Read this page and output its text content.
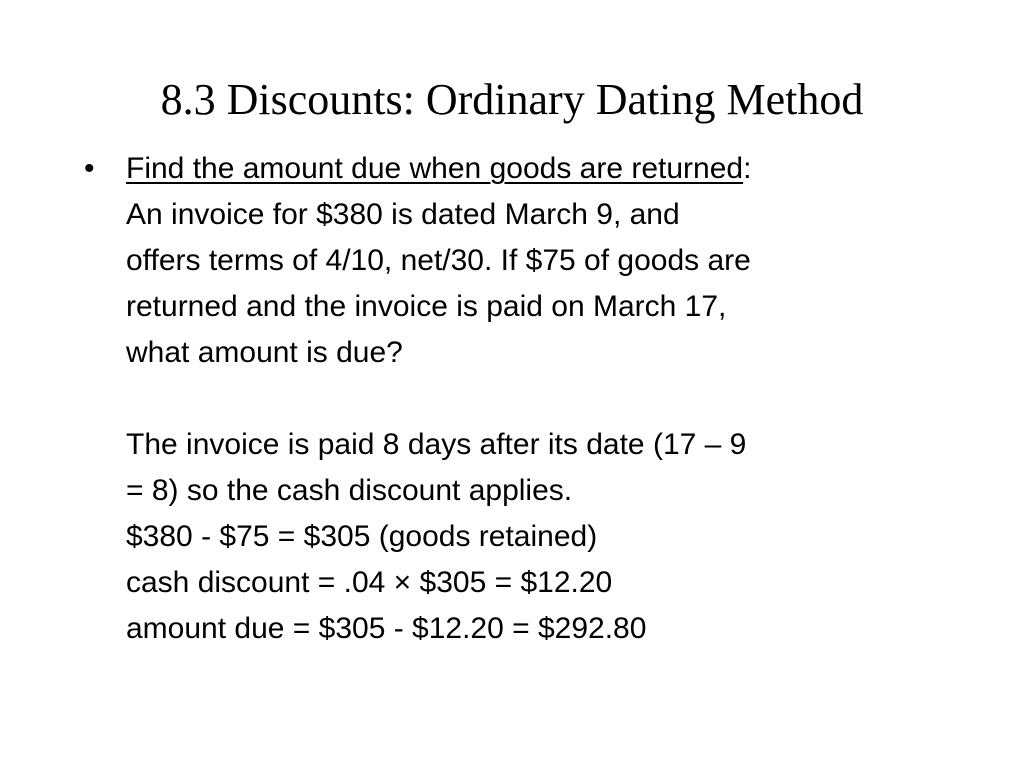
8.3 Discounts: Ordinary Dating Method
•	Find the amount due when goods are returned:
An invoice for $380 is dated March 9, and
offers terms of 4/10, net/30. If $75 of goods are
returned and the invoice is paid on March 17,
what amount is due?
The invoice is paid 8 days after its date (17 – 9
= 8) so the cash discount applies.
$380 - $75 = $305 (goods retained)
cash discount = .04 × $305 = $12.20
amount due = $305 - $12.20 = $292.80
